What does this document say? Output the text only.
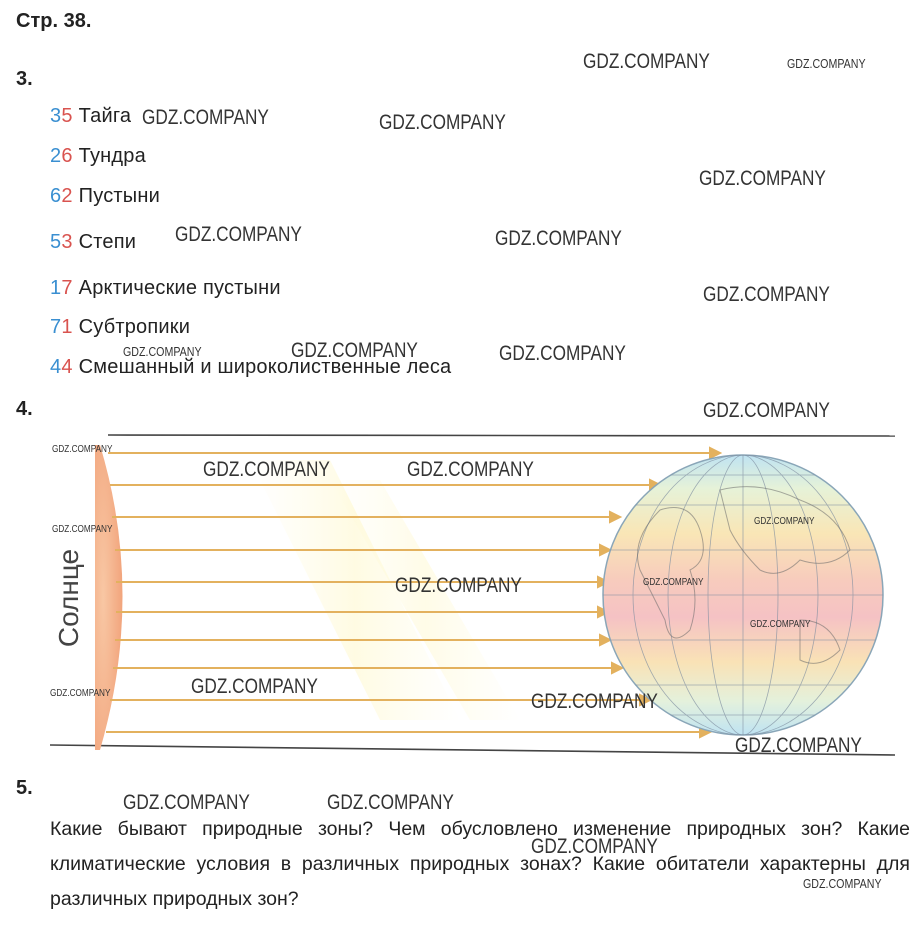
Стр. 38.
3.
35 Тайга
26 Тундра
62 Пустыни
53 Степи
17 Арктические пустыни
71 Субтропики
44 Смешанный и широколиственные леса
4.
Солнце
5.
Какие бывают природные зоны? Чем обусловлено изменение природных зон? Какие климатические условия в различных природных зонах? Какие обитатели характерны для различных природных зон?
GDZ.COMPANY	GDZ.COMPANY
GDZ.COMPANY	GDZ.COMPANY
GDZ.COMPANY
GDZ.COMPANY	GDZ.COMPANY
GDZ.COMPANY
GDZ.COMPANY	GDZ.COMPANY	GDZ.COMPANY
GDZ.COMPANY
GDZ.COMPANY
GDZ.COMPANY	GDZ.COMPANY
GDZ.COMPANY
GDZ.COMPANY
GDZ.COMPANY
GDZ.COMPANY
GDZ.COMPANY
GDZ.COMPANY
GDZ.COMPANY	GDZ.COMPANY
GDZ.COMPANY
GDZ.COMPANY	GDZ.COMPANY
GDZ.COMPANY
GDZ.COMPANY
